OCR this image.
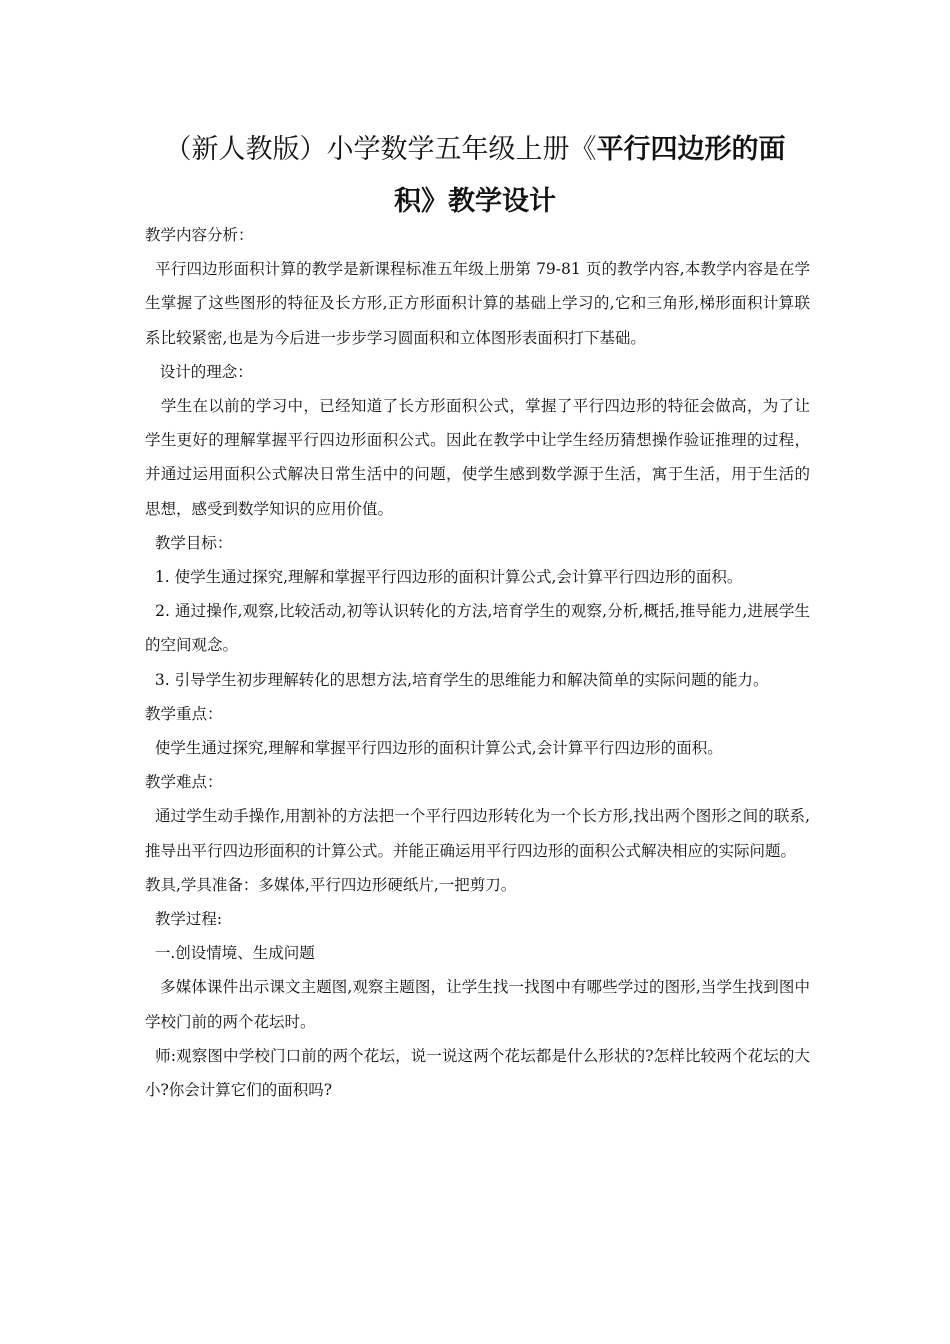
（新人教版）小学数学五年级上册《平行四边形的面
积》教学设计

教学内容分析：

平行四边形面积计算的教学是新课程标准五年级上册第 79-81 页的教学内容,本教学内容是在学生掌握了这些图形的特征及长方形,正方形面积计算的基础上学习的,它和三角形,梯形面积计算联系比较紧密,也是为今后进一步步学习圆面积和立体图形表面积打下基础。

设计的理念：

学生在以前的学习中，已经知道了长方形面积公式，掌握了平行四边形的特征会做高，为了让学生更好的理解掌握平行四边形面积公式。因此在教学中让学生经历猜想操作验证推理的过程，并通过运用面积公式解决日常生活中的问题，使学生感到数学源于生活，寓于生活，用于生活的思想，感受到数学知识的应用价值。

教学目标：

1. 使学生通过探究,理解和掌握平行四边形的面积计算公式,会计算平行四边形的面积。

2. 通过操作,观察,比较活动,初等认识转化的方法,培育学生的观察,分析,概括,推导能力,进展学生的空间观念。

3. 引导学生初步理解转化的思想方法,培育学生的思维能力和解决简单的实际问题的能力。

教学重点：

使学生通过探究,理解和掌握平行四边形的面积计算公式,会计算平行四边形的面积。

教学难点：

通过学生动手操作,用割补的方法把一个平行四边形转化为一个长方形,找出两个图形之间的联系,推导出平行四边形面积的计算公式。并能正确运用平行四边形的面积公式解决相应的实际问题。

教具,学具准备：多媒体,平行四边形硬纸片,一把剪刀。

教学过程:

一.创设情境、生成问题

多媒体课件出示课文主题图,观察主题图，让学生找一找图中有哪些学过的图形,当学生找到图中学校门前的两个花坛时。

师:观察图中学校门口前的两个花坛，说一说这两个花坛都是什么形状的?怎样比较两个花坛的大小?你会计算它们的面积吗?
